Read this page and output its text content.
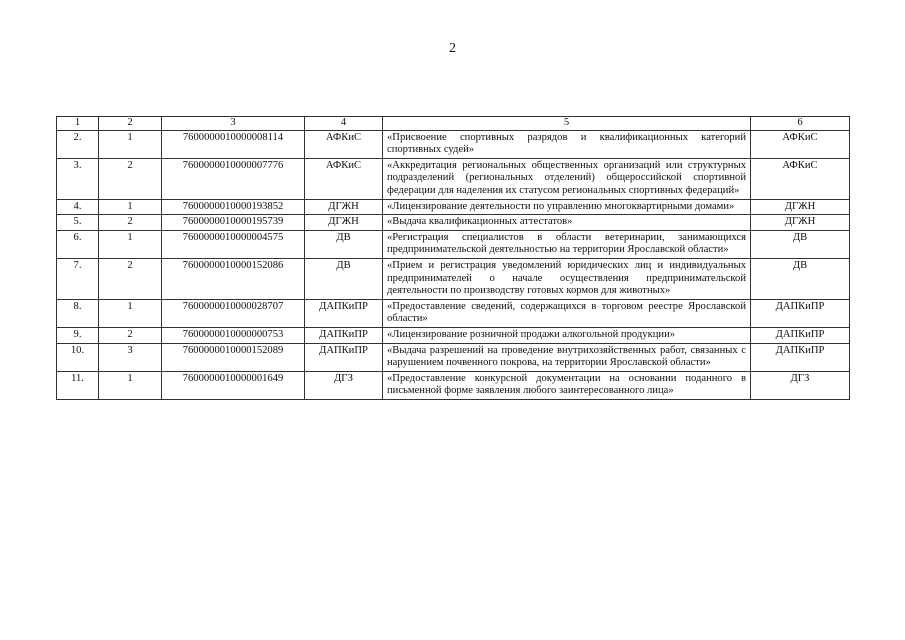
2
1	2	3	4	5	6
2.	1	7600000010000008114	АФКиС	«Присвоение спортивных разрядов и квалификационных категорий спортивных судей»	АФКиС
3.	2	7600000010000007776	АФКиС	«Аккредитация региональных общественных организаций или структурных подразделений (региональных отделений) общероссийской спортивной федерации для наделения их статусом региональных спортивных федераций»	АФКиС
4.	1	7600000010000193852	ДГЖН	«Лицензирование деятельности по управлению многоквартирными домами»	ДГЖН
5.	2	7600000010000195739	ДГЖН	«Выдача квалификационных аттестатов»	ДГЖН
6.	1	7600000010000004575	ДВ	«Регистрация специалистов в области ветеринарии, занимающихся предпринимательской деятельностью на территории Ярославской области»	ДВ
7.	2	7600000010000152086	ДВ	«Прием и регистрация уведомлений юридических лиц и индивидуальных предпринимателей о начале осуществления предпринимательской деятельности по производству готовых кормов для животных»	ДВ
8.	1	7600000010000028707	ДАПКиПР	«Предоставление сведений, содержащихся в торговом реестре Ярославской области»	ДАПКиПР
9.	2	7600000010000000753	ДАПКиПР	«Лицензирование розничной продажи алкогольной продукции»	ДАПКиПР
10.	3	7600000010000152089	ДАПКиПР	«Выдача разрешений на проведение внутрихозяйственных работ, связанных с нарушением почвенного покрова, на территории Ярославской области»	ДАПКиПР
11.	1	7600000010000001649	ДГЗ	«Предоставление конкурсной документации на основании поданного в письменной форме заявления любого заинтересованного лица»	ДГЗ
